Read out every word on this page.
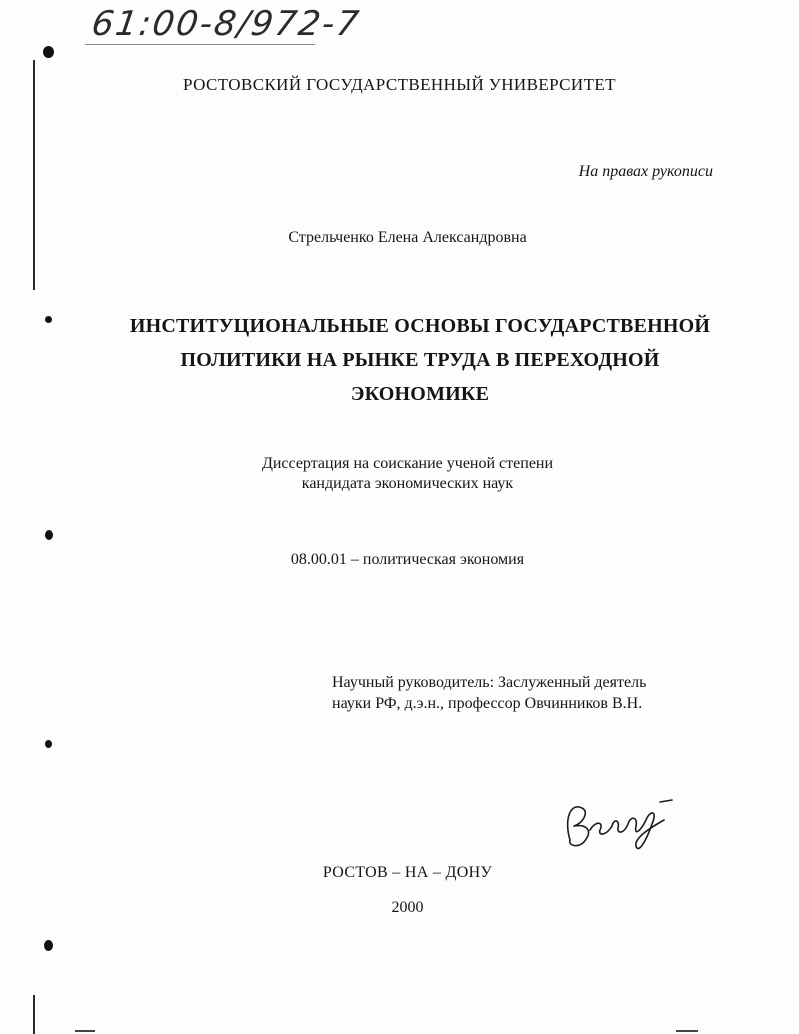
61:00-8/972-7
РОСТОВСКИЙ ГОСУДАРСТВЕННЫЙ УНИВЕРСИТЕТ
На правах рукописи
Стрельченко Елена Александровна
ИНСТИТУЦИОНАЛЬНЫЕ ОСНОВЫ ГОСУДАРСТВЕННОЙ
ПОЛИТИКИ НА РЫНКЕ ТРУДА В ПЕРЕХОДНОЙ
ЭКОНОМИКЕ
Диссертация на соискание ученой степени
кандидата экономических наук
08.00.01 – политическая экономия
Научный руководитель: Заслуженный деятель
науки РФ, д.э.н., профессор Овчинников В.Н.
РОСТОВ – НА – ДОНУ
2000
